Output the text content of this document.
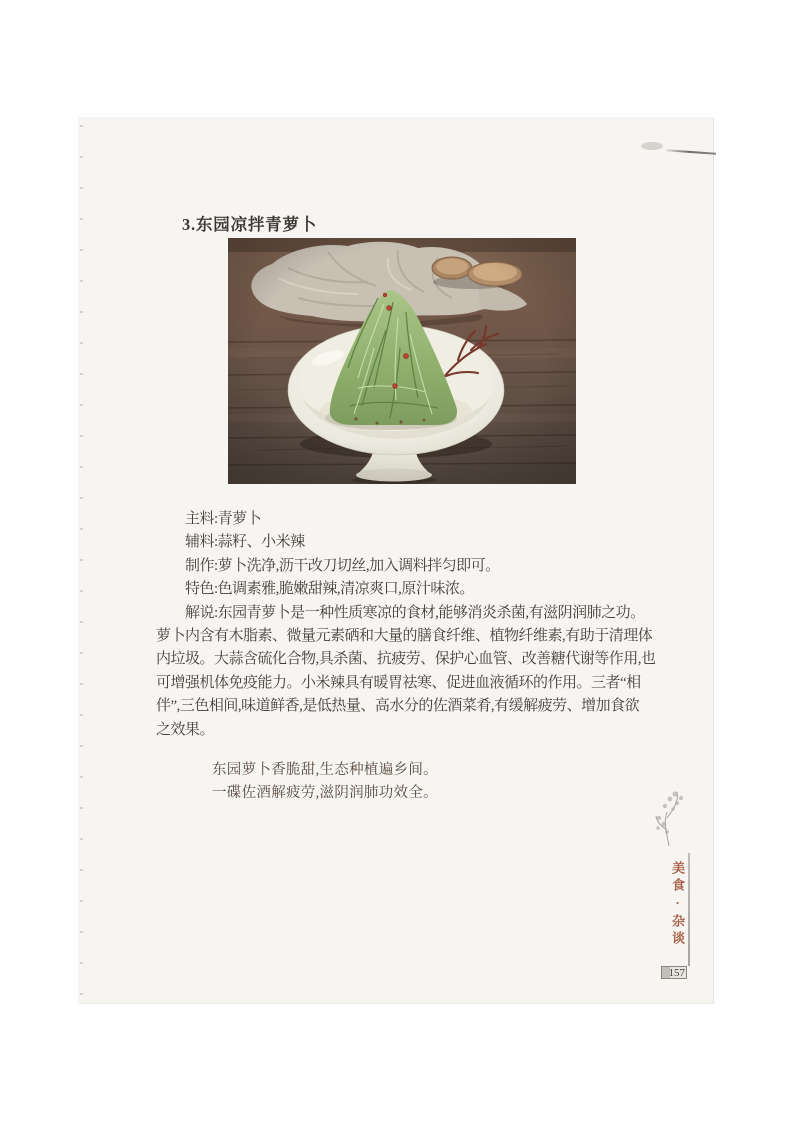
3.东园凉拌青萝卜
主料:青萝卜
辅料:蒜籽、小米辣
制作:萝卜洗净,沥干改刀切丝,加入调料拌匀即可。
特色:色调素雅,脆嫩甜辣,清凉爽口,原汁味浓。
解说:东园青萝卜是一种性质寒凉的食材,能够消炎杀菌,有滋阴润肺之功。
萝卜内含有木脂素、微量元素硒和大量的膳食纤维、植物纤维素,有助于清理体
内垃圾。大蒜含硫化合物,具杀菌、抗疲劳、保护心血管、改善糖代谢等作用,也
可增强机体免疫能力。小米辣具有暖胃祛寒、促进血液循环的作用。三者“相
伴”,三色相间,味道鲜香,是低热量、高水分的佐酒菜肴,有缓解疲劳、增加食欲
之效果。
东园萝卜香脆甜,生态种植遍乡间。
一碟佐酒解疲劳,滋阴润肺功效全。
美食·杂谈
157
